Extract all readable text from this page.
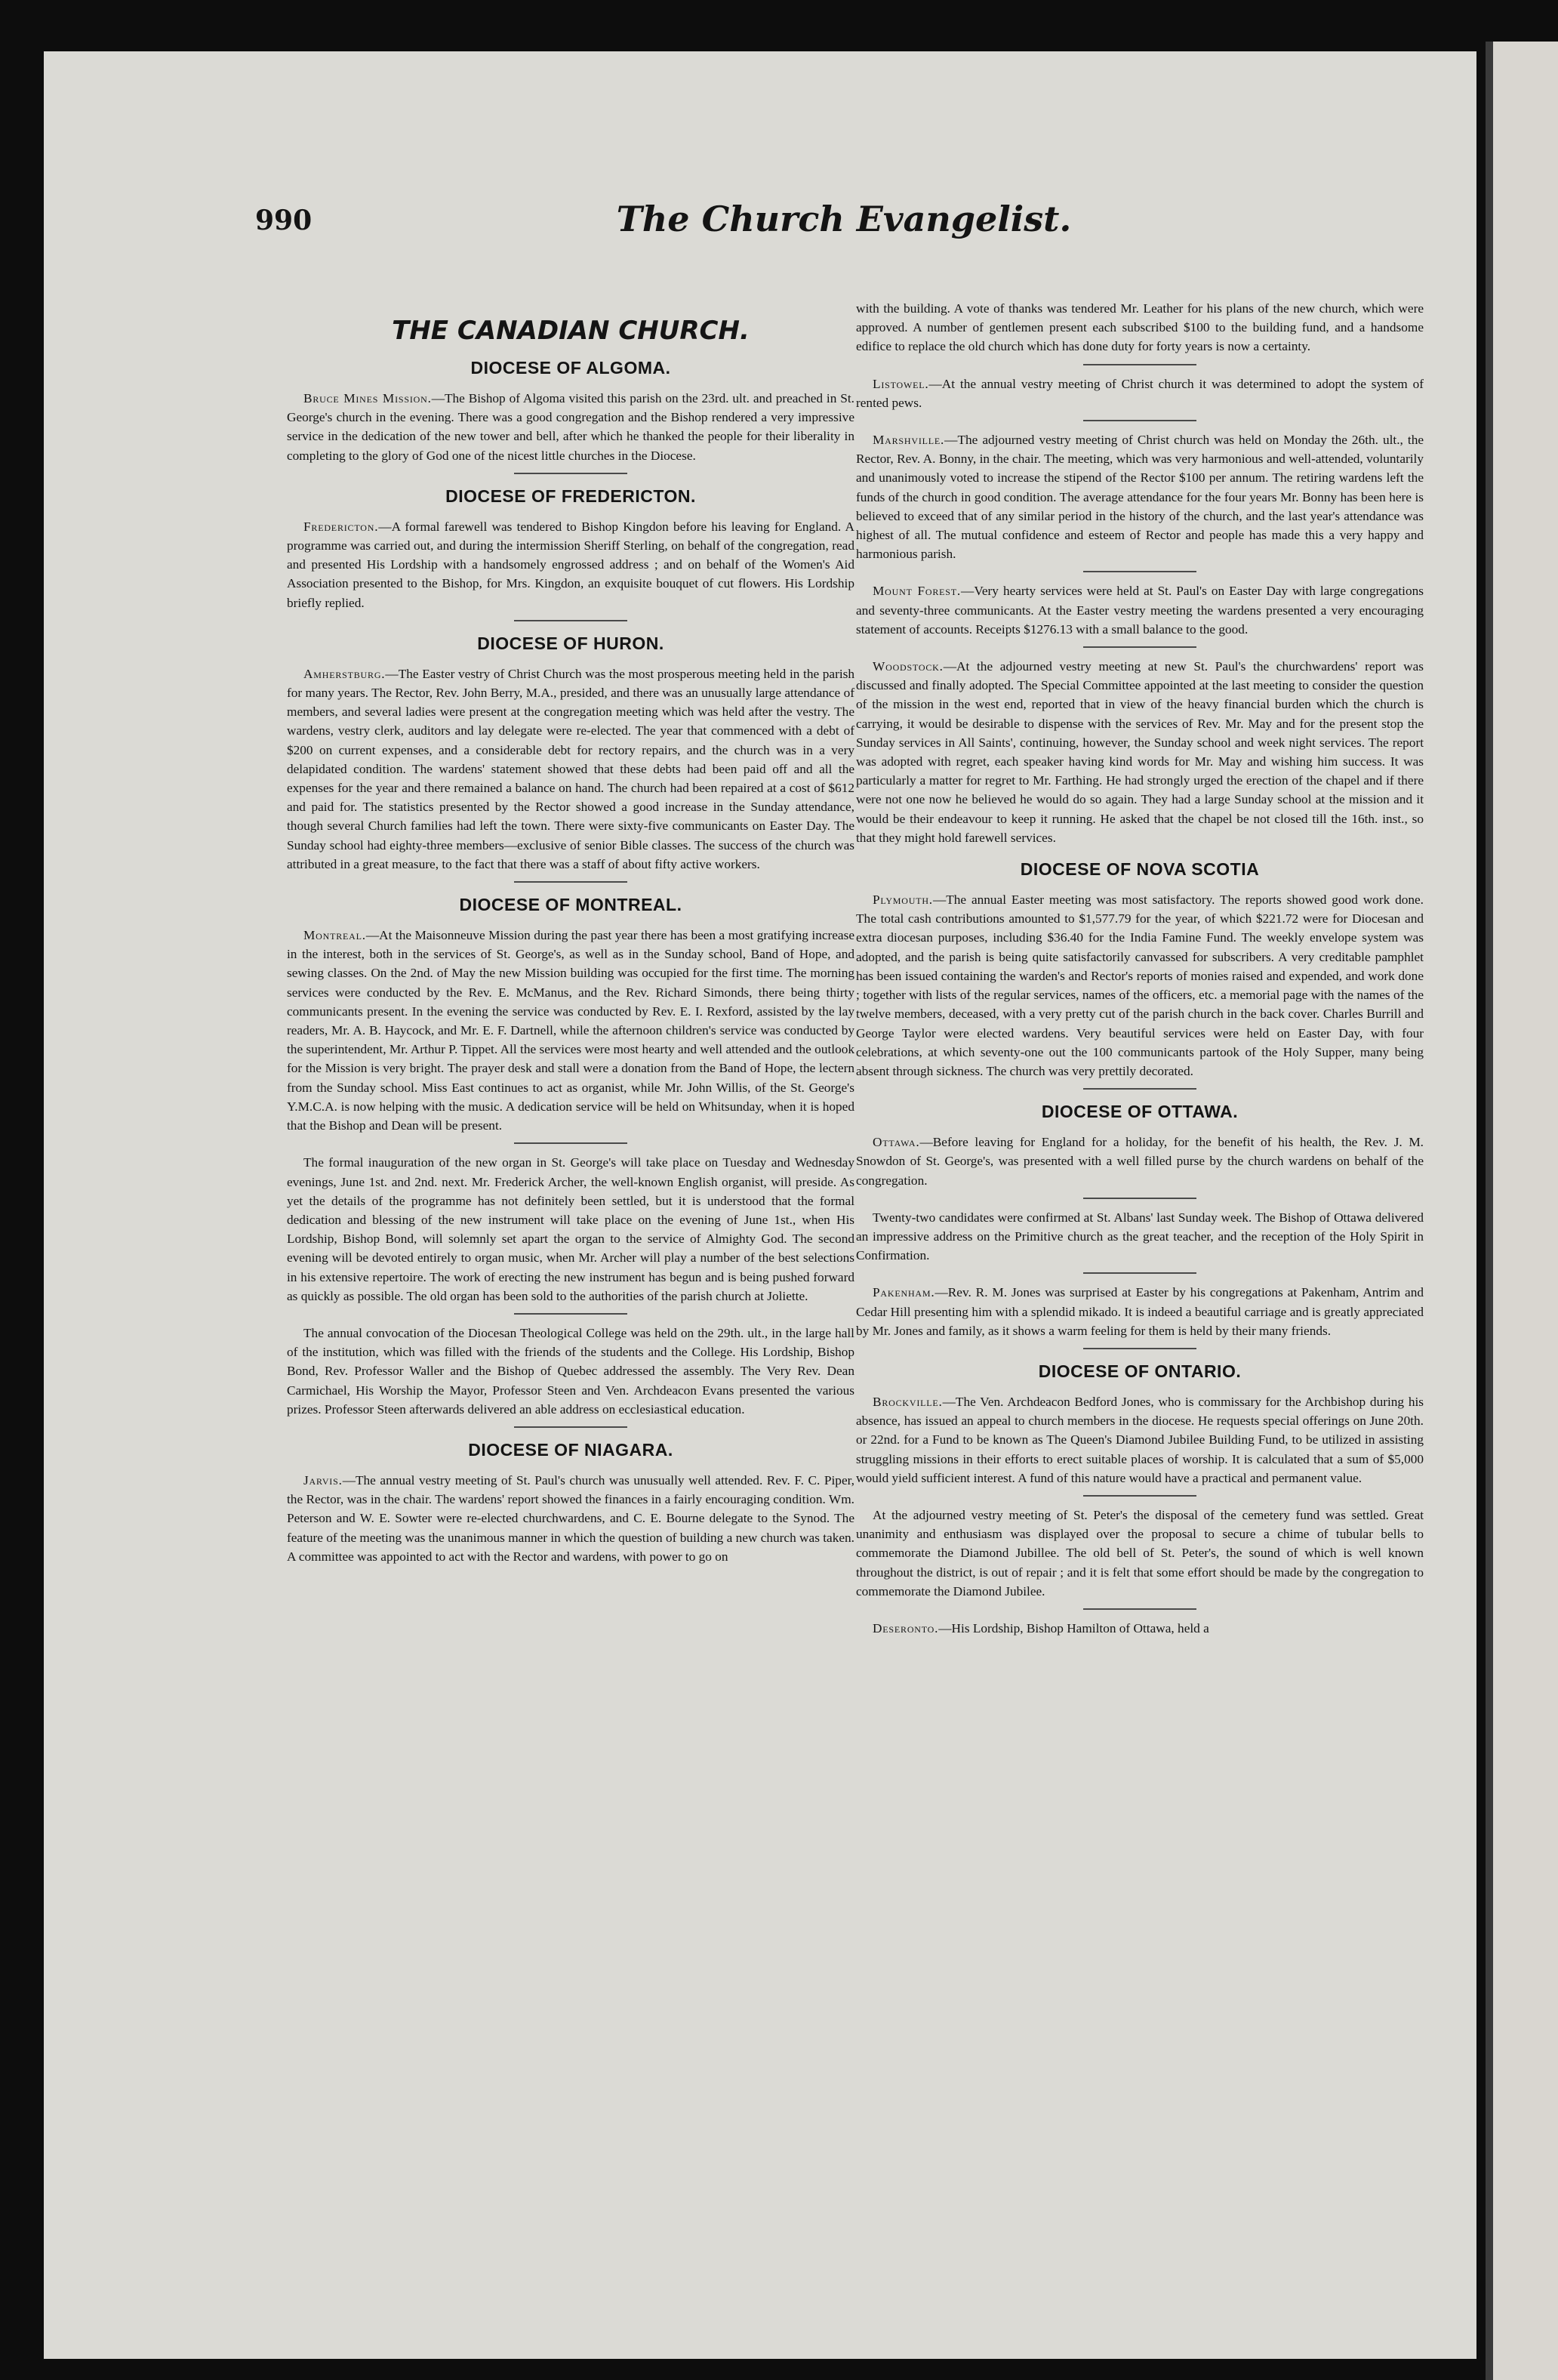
990	The Church Evangelist.
THE CANADIAN CHURCH.
DIOCESE OF ALGOMA.

Bruce Mines Mission.—The Bishop of Algoma visited this parish on the 23rd. ult. and preached in St. George's church in the evening. There was a good congregation and the Bishop rendered a very impressive service in the dedication of the new tower and bell, after which he thanked the people for their liberality in completing to the glory of God one of the nicest little churches in the Diocese.

DIOCESE OF FREDERICTON.

Fredericton.—A formal farewell was tendered to Bishop Kingdon before his leaving for England. A programme was carried out, and during the intermission Sheriff Sterling, on behalf of the congregation, read and presented His Lordship with a handsomely engrossed address ; and on behalf of the Women's Aid Association presented to the Bishop, for Mrs. Kingdon, an exquisite bouquet of cut flowers. His Lordship briefly replied.

DIOCESE OF HURON.

Amherstburg.—The Easter vestry of Christ Church was the most prosperous meeting held in the parish for many years. The Rector, Rev. John Berry, M.A., presided, and there was an unusually large attendance of members, and several ladies were present at the congregation meeting which was held after the vestry. The wardens, vestry clerk, auditors and lay delegate were re-elected. The year that commenced with a debt of $200 on current expenses, and a considerable debt for rectory repairs, and the church was in a very delapidated condition. The wardens' statement showed that these debts had been paid off and all the expenses for the year and there remained a balance on hand. The church had been repaired at a cost of $612 and paid for. The statistics presented by the Rector showed a good increase in the Sunday attendance, though several Church families had left the town. There were sixty-five communicants on Easter Day. The Sunday school had eighty-three members—exclusive of senior Bible classes. The success of the church was attributed in a great measure, to the fact that there was a staff of about fifty active workers.

DIOCESE OF MONTREAL.

Montreal.—At the Maisonneuve Mission during the past year there has been a most gratifying increase in the interest, both in the services of St. George's, as well as in the Sunday school, Band of Hope, and sewing classes. On the 2nd. of May the new Mission building was occupied for the first time. The morning services were conducted by the Rev. E. McManus, and the Rev. Richard Simonds, there being thirty communicants present. In the evening the service was conducted by Rev. E. I. Rexford, assisted by the lay readers, Mr. A. B. Haycock, and Mr. E. F. Dartnell, while the afternoon children's service was conducted by the superintendent, Mr. Arthur P. Tippet. All the services were most hearty and well attended and the outlook for the Mission is very bright. The prayer desk and stall were a donation from the Band of Hope, the lectern from the Sunday school. Miss East continues to act as organist, while Mr. John Willis, of the St. George's Y.M.C.A. is now helping with the music. A dedication service will be held on Whitsunday, when it is hoped that the Bishop and Dean will be present.

The formal inauguration of the new organ in St. George's will take place on Tuesday and Wednesday evenings, June 1st. and 2nd. next. Mr. Frederick Archer, the well-known English organist, will preside. As yet the details of the programme has not definitely been settled, but it is understood that the formal dedication and blessing of the new instrument will take place on the evening of June 1st., when His Lordship, Bishop Bond, will solemnly set apart the organ to the service of Almighty God. The second evening will be devoted entirely to organ music, when Mr. Archer will play a number of the best selections in his extensive repertoire. The work of erecting the new instrument has begun and is being pushed forward as quickly as possible. The old organ has been sold to the authorities of the parish church at Joliette.

The annual convocation of the Diocesan Theological College was held on the 29th. ult., in the large hall of the institution, which was filled with the friends of the students and the College. His Lordship, Bishop Bond, Rev. Professor Waller and the Bishop of Quebec addressed the assembly. The Very Rev. Dean Carmichael, His Worship the Mayor, Professor Steen and Ven. Archdeacon Evans presented the various prizes. Professor Steen afterwards delivered an able address on ecclesiastical education.

DIOCESE OF NIAGARA.

Jarvis.—The annual vestry meeting of St. Paul's church was unusually well attended. Rev. F. C. Piper, the Rector, was in the chair. The wardens' report showed the finances in a fairly encouraging condition. Wm. Peterson and W. E. Sowter were re-elected churchwardens, and C. E. Bourne delegate to the Synod. The feature of the meeting was the unanimous manner in which the question of building a new church was taken. A committee was appointed to act with the Rector and wardens, with power to go on

with the building. A vote of thanks was tendered Mr. Leather for his plans of the new church, which were approved. A number of gentlemen present each subscribed $100 to the building fund, and a handsome edifice to replace the old church which has done duty for forty years is now a certainty.

Listowel.—At the annual vestry meeting of Christ church it was determined to adopt the system of rented pews.

Marshville.—The adjourned vestry meeting of Christ church was held on Monday the 26th. ult., the Rector, Rev. A. Bonny, in the chair. The meeting, which was very harmonious and well-attended, voluntarily and unanimously voted to increase the stipend of the Rector $100 per annum. The retiring wardens left the funds of the church in good condition. The average attendance for the four years Mr. Bonny has been here is believed to exceed that of any similar period in the history of the church, and the last year's attendance was highest of all. The mutual confidence and esteem of Rector and people has made this a very happy and harmonious parish.

Mount Forest.—Very hearty services were held at St. Paul's on Easter Day with large congregations and seventy-three communicants. At the Easter vestry meeting the wardens presented a very encouraging statement of accounts. Receipts $1276.13 with a small balance to the good.

Woodstock.—At the adjourned vestry meeting at new St. Paul's the churchwardens' report was discussed and finally adopted. The Special Committee appointed at the last meeting to consider the question of the mission in the west end, reported that in view of the heavy financial burden which the church is carrying, it would be desirable to dispense with the services of Rev. Mr. May and for the present stop the Sunday services in All Saints', continuing, however, the Sunday school and week night services. The report was adopted with regret, each speaker having kind words for Mr. May and wishing him success. It was particularly a matter for regret to Mr. Farthing. He had strongly urged the erection of the chapel and if there were not one now he believed he would do so again. They had a large Sunday school at the mission and it would be their endeavour to keep it running. He asked that the chapel be not closed till the 16th. inst., so that they might hold farewell services.

DIOCESE OF NOVA SCOTIA

Plymouth.—The annual Easter meeting was most satisfactory. The reports showed good work done. The total cash contributions amounted to $1,577.79 for the year, of which $221.72 were for Diocesan and extra diocesan purposes, including $36.40 for the India Famine Fund. The weekly envelope system was adopted, and the parish is being quite satisfactorily canvassed for subscribers. A very creditable pamphlet has been issued containing the warden's and Rector's reports of monies raised and expended, and work done ; together with lists of the regular services, names of the officers, etc. a memorial page with the names of the twelve members, deceased, with a very pretty cut of the parish church in the back cover. Charles Burrill and George Taylor were elected wardens. Very beautiful services were held on Easter Day, with four celebrations, at which seventy-one out the 100 communicants partook of the Holy Supper, many being absent through sickness. The church was very prettily decorated.

DIOCESE OF OTTAWA.

Ottawa.—Before leaving for England for a holiday, for the benefit of his health, the Rev. J. M. Snowdon of St. George's, was presented with a well filled purse by the church wardens on behalf of the congregation.

Twenty-two candidates were confirmed at St. Albans' last Sunday week. The Bishop of Ottawa delivered an impressive address on the Primitive church as the great teacher, and the reception of the Holy Spirit in Confirmation.

Pakenham.—Rev. R. M. Jones was surprised at Easter by his congregations at Pakenham, Antrim and Cedar Hill presenting him with a splendid mikado. It is indeed a beautiful carriage and is greatly appreciated by Mr. Jones and family, as it shows a warm feeling for them is held by their many friends.

DIOCESE OF ONTARIO.

Brockville.—The Ven. Archdeacon Bedford Jones, who is commissary for the Archbishop during his absence, has issued an appeal to church members in the diocese. He requests special offerings on June 20th. or 22nd. for a Fund to be known as The Queen's Diamond Jubilee Building Fund, to be utilized in assisting struggling missions in their efforts to erect suitable places of worship. It is calculated that a sum of $5,000 would yield sufficient interest. A fund of this nature would have a practical and permanent value.

At the adjourned vestry meeting of St. Peter's the disposal of the cemetery fund was settled. Great unanimity and enthusiasm was displayed over the proposal to secure a chime of tubular bells to commemorate the Diamond Jubillee. The old bell of St. Peter's, the sound of which is well known throughout the district, is out of repair ; and it is felt that some effort should be made by the congregation to commemorate the Diamond Jubilee.

Deseronto.—His Lordship, Bishop Hamilton of Ottawa, held a
